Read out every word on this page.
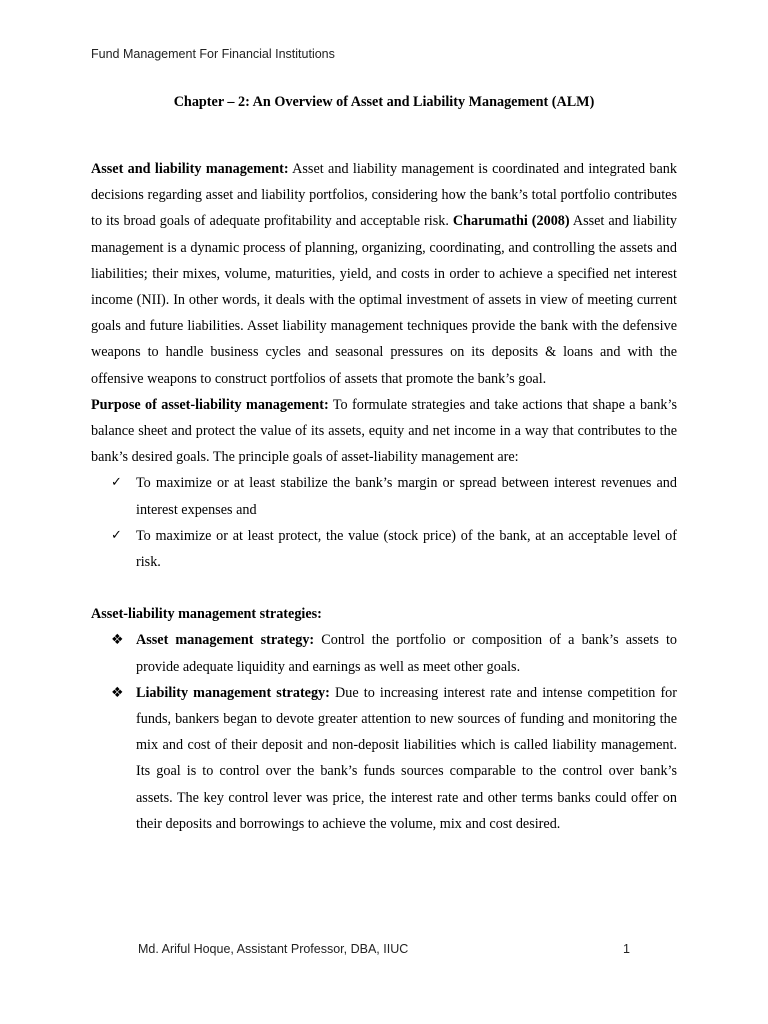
Fund Management For Financial Institutions
Chapter – 2: An Overview of Asset and Liability Management (ALM)

Asset and liability management: Asset and liability management is coordinated and integrated bank decisions regarding asset and liability portfolios, considering how the bank’s total portfolio contributes to its broad goals of adequate profitability and acceptable risk. Charumathi (2008) Asset and liability management is a dynamic process of planning, organizing, coordinating, and controlling the assets and liabilities; their mixes, volume, maturities, yield, and costs in order to achieve a specified net interest income (NII). In other words, it deals with the optimal investment of assets in view of meeting current goals and future liabilities. Asset liability management techniques provide the bank with the defensive weapons to handle business cycles and seasonal pressures on its deposits & loans and with the offensive weapons to construct portfolios of assets that promote the bank’s goal.

Purpose of asset-liability management: To formulate strategies and take actions that shape a bank’s balance sheet and protect the value of its assets, equity and net income in a way that contributes to the bank’s desired goals. The principle goals of asset-liability management are:

✓ To maximize or at least stabilize the bank’s margin or spread between interest revenues and interest expenses and
✓ To maximize or at least protect, the value (stock price) of the bank, at an acceptable level of risk.

Asset-liability management strategies:

❖ Asset management strategy: Control the portfolio or composition of a bank’s assets to provide adequate liquidity and earnings as well as meet other goals.
❖ Liability management strategy: Due to increasing interest rate and intense competition for funds, bankers began to devote greater attention to new sources of funding and monitoring the mix and cost of their deposit and non-deposit liabilities which is called liability management. Its goal is to control over the bank’s funds sources comparable to the control over bank’s assets. The key control lever was price, the interest rate and other terms banks could offer on their deposits and borrowings to achieve the volume, mix and cost desired.
Md. Ariful Hoque, Assistant Professor, DBA, IIUC	1
